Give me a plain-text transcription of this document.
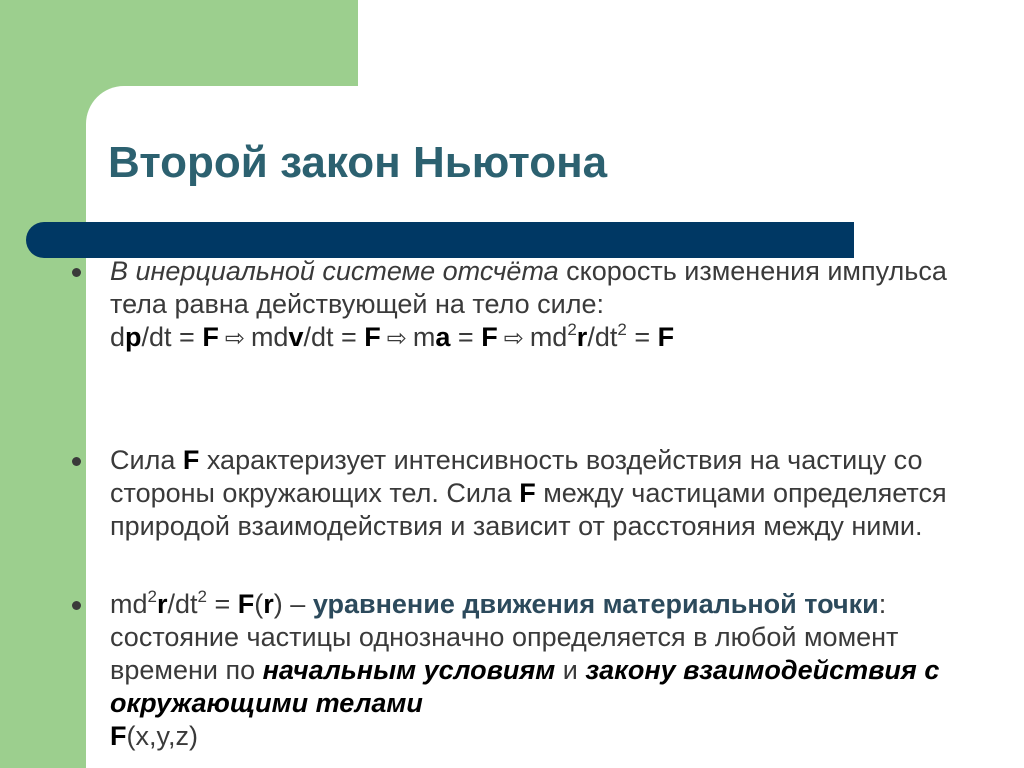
Второй закон Ньютона
В инерциальной системе отсчёта скорость изменения импульса тела равна действующей на тело силе:
dp/dt = F ⇨ mdv/dt = F ⇨ ma = F ⇨ $md^2r/dt^2 = F$
Сила F характеризует интенсивность воздействия на частицу со стороны окружающих тел. Сила F между частицами определяется природой взаимодействия и зависит от расстояния между ними.
$md^2r/dt^2 = F(r)$ – уравнение движения материальной точки: состояние частицы однозначно определяется в любой момент времени по начальным условиям и закону взаимодействия с окружающими телами
F(x,y,z)
